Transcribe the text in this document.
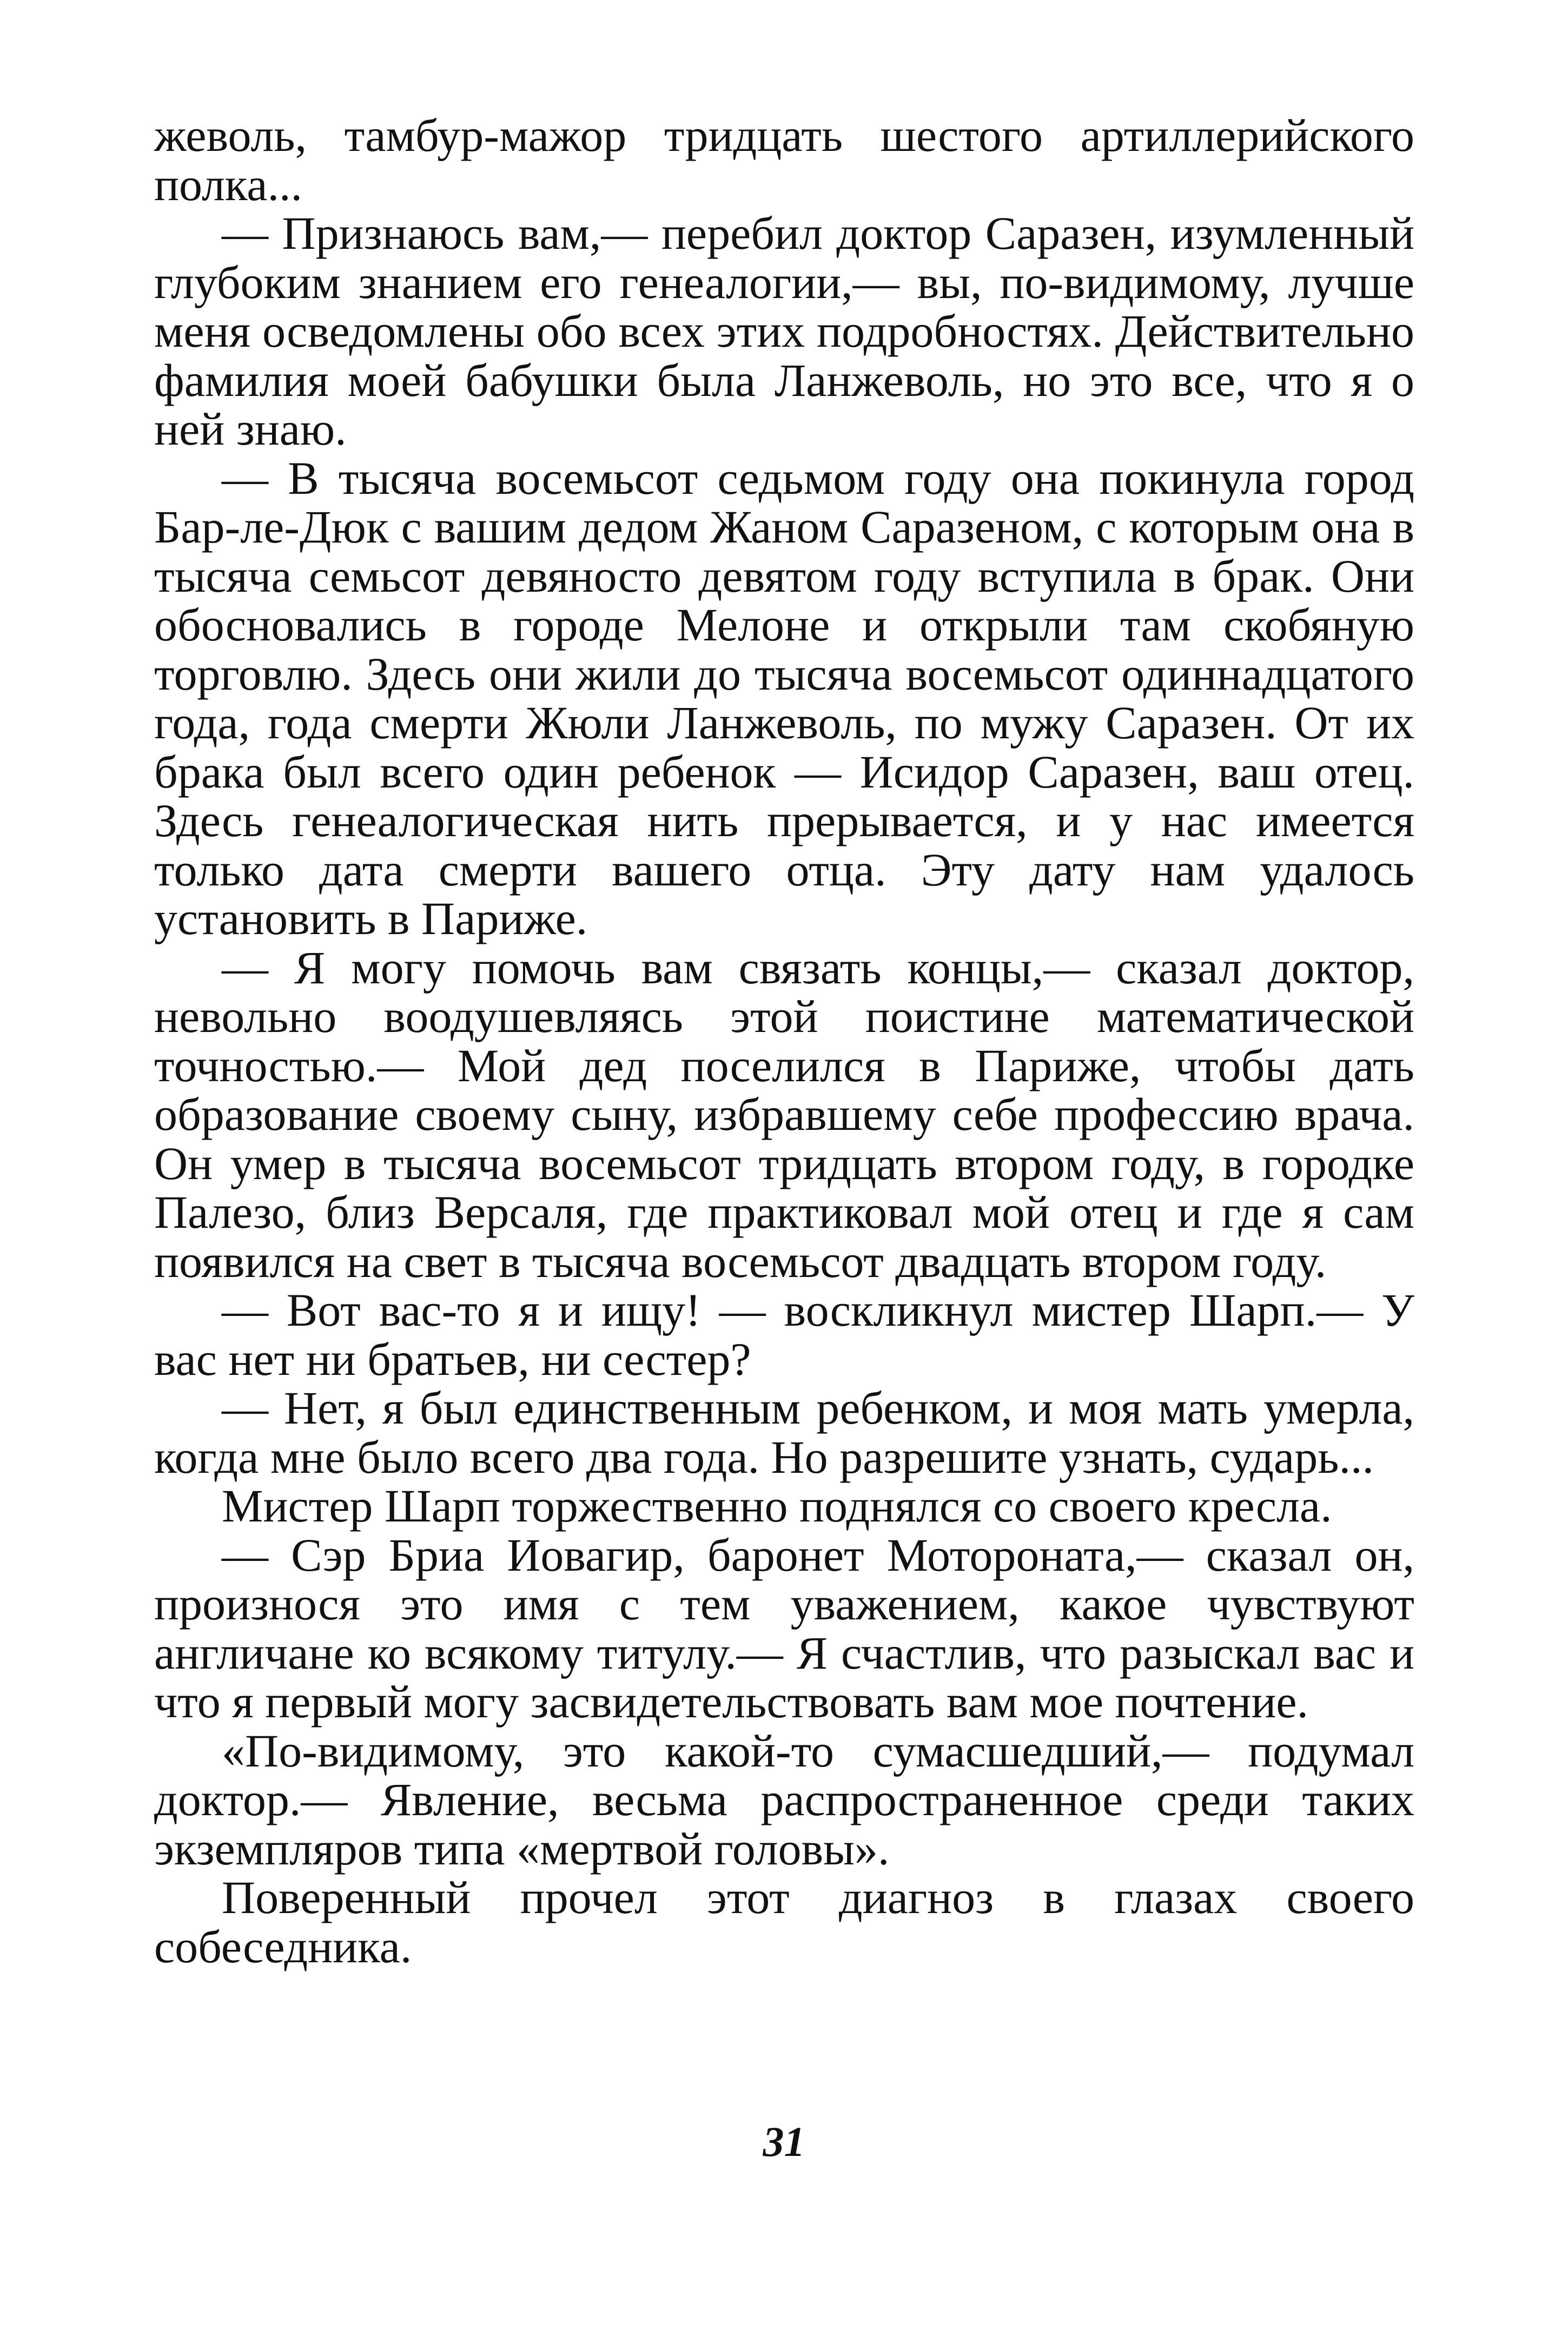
жеволь, тамбур-мажор тридцать шестого артиллерийского полка...

— Признаюсь вам,— перебил доктор Саразен, изумленный глубоким знанием его генеалогии,— вы, по-видимому, лучше меня осведомлены обо всех этих подробностях. Действительно фамилия моей бабушки была Ланжеволь, но это все, что я о ней знаю.

— В тысяча восемьсот седьмом году она покинула город Бар-ле-Дюк с вашим дедом Жаном Саразеном, с которым она в тысяча семьсот девяносто девятом году вступила в брак. Они обосновались в городе Мелоне и открыли там скобяную торговлю. Здесь они жили до тысяча восемьсот одиннадцатого года, года смерти Жюли Ланжеволь, по мужу Саразен. От их брака был всего один ребенок — Исидор Саразен, ваш отец. Здесь генеалогическая нить прерывается, и у нас имеется только дата смерти вашего отца. Эту дату нам удалось установить в Париже.

— Я могу помочь вам связать концы,— сказал доктор, невольно воодушевляясь этой поистине математической точностью.— Мой дед поселился в Париже, чтобы дать образование своему сыну, избравшему себе профессию врача. Он умер в тысяча восемьсот тридцать втором году, в городке Палезо, близ Версаля, где практиковал мой отец и где я сам появился на свет в тысяча восемьсот двадцать втором году.

— Вот вас-то я и ищу! — воскликнул мистер Шарп.— У вас нет ни братьев, ни сестер?

— Нет, я был единственным ребенком, и моя мать умерла, когда мне было всего два года. Но разрешите узнать, сударь...

Мистер Шарп торжественно поднялся со своего кресла.

— Сэр Бриа Иовагир, баронет Моторoната,— сказал он, произнося это имя с тем уважением, какое чувствуют англичане ко всякому титулу.— Я счастлив, что разыскал вас и что я первый могу засвидетельствовать вам мое почтение.

«По-видимому, это какой-то сумасшедший,— подумал доктор.— Явление, весьма распространенное среди таких экземпляров типа «мертвой головы».

Поверенный прочел этот диагноз в глазах своего собеседника.

31
